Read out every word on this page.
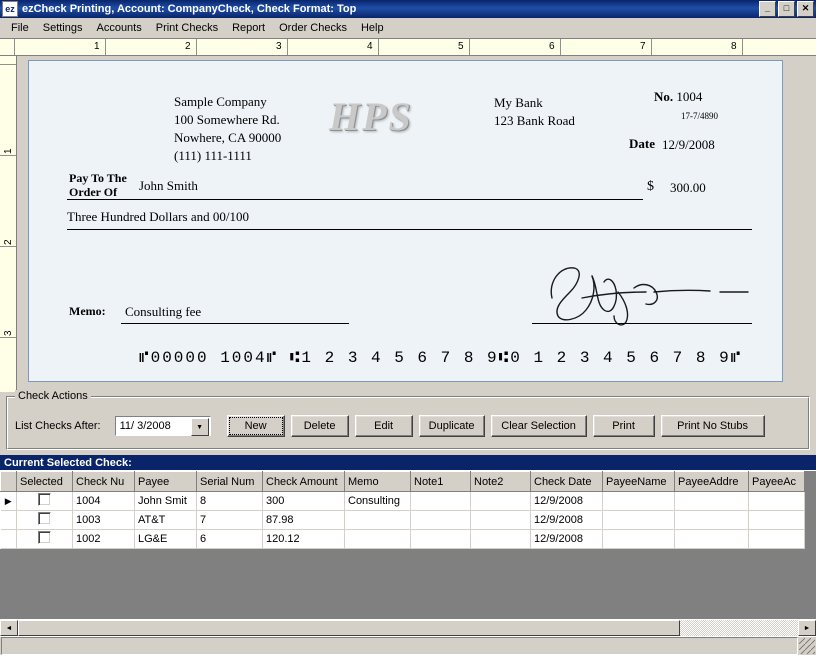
ez ezCheck Printing, Account: CompanyCheck, Check Format: Top	_	□	✕
File	Settings	Accounts	Print Checks	Report	Order Checks	Help
1	2	3	4	5	6	7	8
1
2
3
Sample Company
100 Somewhere Rd.
Nowhere, CA 90000
(111) 111-1111
HPS	My Bank
123 Bank Road
No. 1004
17-7/4890
Date 12/9/2008
Pay To The
Order Of John Smith	$ 300.00
Three Hundred Dollars and 00/100
Memo: Consulting fee
⑈00000 1004⑈ ⑆1 2 3 4 5 6 7 8 9⑆0 1 2 3 4 5 6 7 8 9⑈
Check Actions
List Checks After: 11/ 3/2008	▼	New	Delete	Edit	Duplicate	Clear Selection	Print	Print No Stubs
Current Selected Check:
	Selected	Check Nu	Payee	Serial Num	Check Amount	Memo	Note1	Note2	Check Date	PayeeName	PayeeAddre	PayeeAc
▶		1004	John Smit	8	300	Consulting			12/9/2008			
		1003	AT&T	7	87.98				12/9/2008			
		1002	LG&E	6	120.12				12/9/2008			
◄	►
